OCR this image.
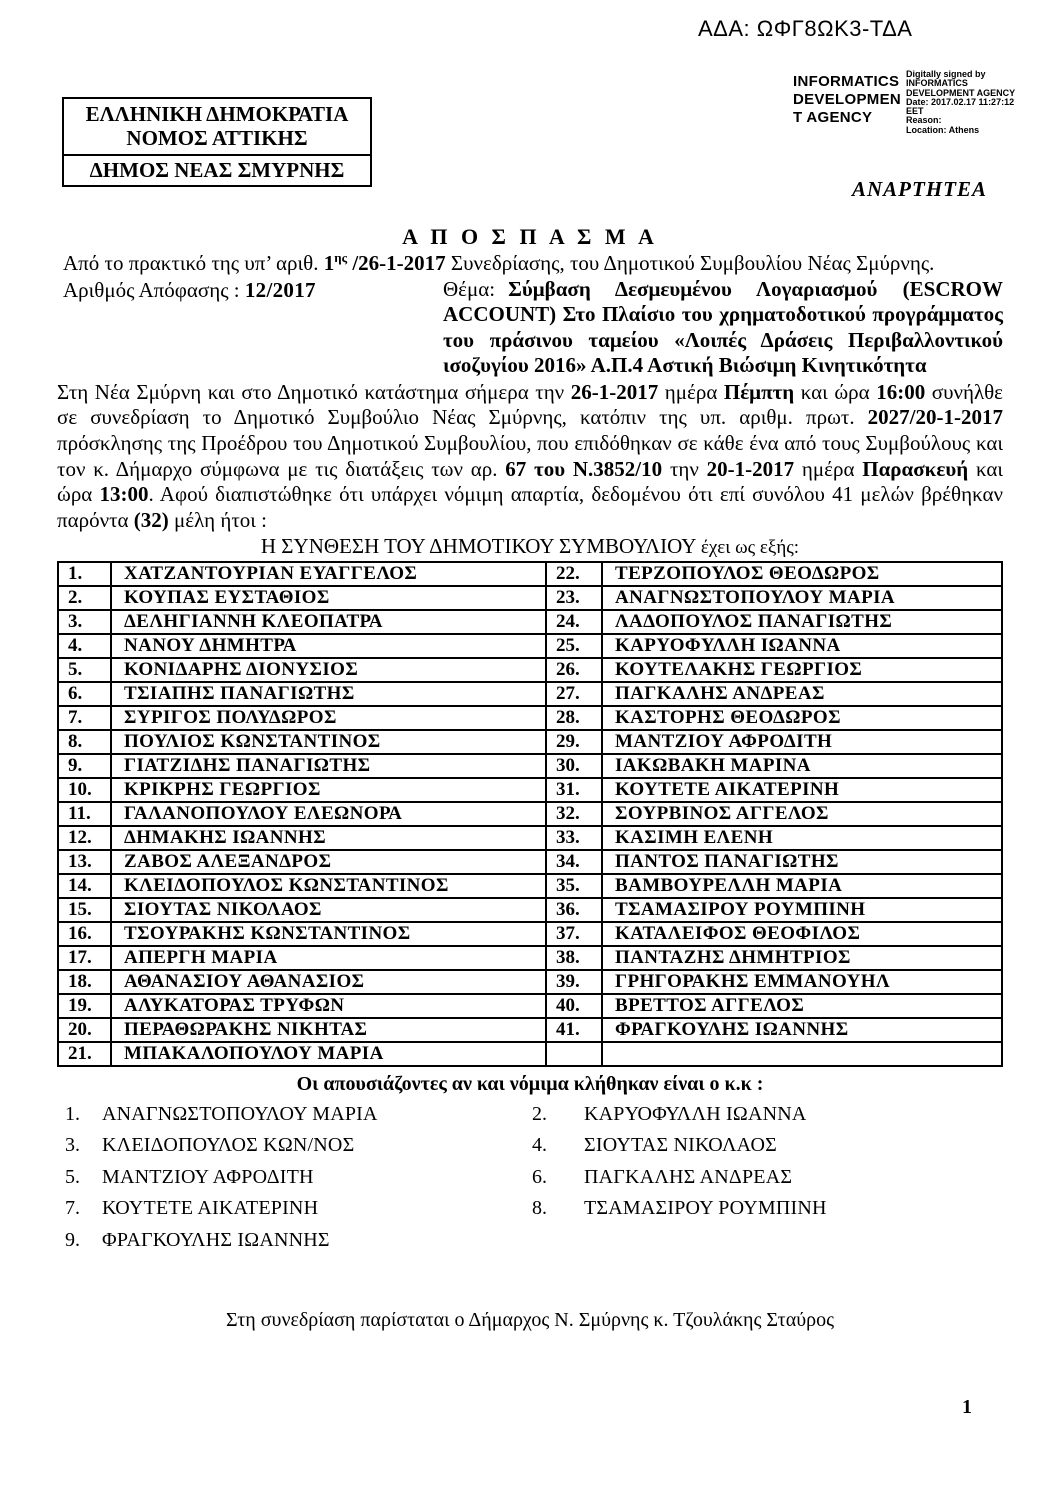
ΑΔΑ: ΩΦΓ8ΩΚ3-ΤΔΑ
ΕΛΛΗΝΙΚΗ ΔΗΜΟΚΡΑΤΙΑ
ΝΟΜΟΣ ΑΤΤΙΚΗΣ
ΔΗΜΟΣ ΝΕΑΣ ΣΜΥΡΝΗΣ
INFORMATICS
DEVELOPMEN
T AGENCY
Digitally signed by
INFORMATICS
DEVELOPMENT AGENCY
Date: 2017.02.17 11:27:12
EET
Reason:
Location: Athens
ΑΝΑΡΤΗΤΕΑ
Α Π Ο Σ Π Α Σ Μ Α

Από το πρακτικό της υπ’ αριθ. $1^{\eta\varsigma}$ /26-1-2017 Συνεδρίασης, του Δημοτικού Συμβουλίου Νέας Σμύρνης.

Αριθμός Απόφασης : 12/2017	Θέμα: Σύμβαση Δεσμευμένου Λογαριασμού (ESCROW ACCOUNT) Στο Πλαίσιο του χρηματοδοτικού προγράμματος του πράσινου ταμείου «Λοιπές Δράσεις Περιβαλλοντικού ισοζυγίου 2016» Α.Π.4 Αστική Βιώσιμη Κινητικότητα

Στη Νέα Σμύρνη και στο Δημοτικό κατάστημα σήμερα την 26-1-2017 ημέρα Πέμπτη και ώρα 16:00 συνήλθε σε συνεδρίαση το Δημοτικό Συμβούλιο Νέας Σμύρνης, κατόπιν της υπ. αριθμ. πρωτ. 2027/20-1-2017 πρόσκλησης της Προέδρου του Δημοτικού Συμβουλίου, που επιδόθηκαν σε κάθε ένα από τους Συμβούλους και τον κ. Δήμαρχο σύμφωνα με τις διατάξεις των αρ. 67 του Ν.3852/10 την 20-1-2017 ημέρα Παρασκευή και ώρα 13:00. Αφού διαπιστώθηκε ότι υπάρχει νόμιμη απαρτία, δεδομένου ότι επί συνόλου 41 μελών βρέθηκαν παρόντα (32) μέλη ήτοι :

Η ΣΥΝΘΕΣΗ ΤΟΥ ΔΗΜΟΤΙΚΟΥ ΣΥΜΒΟΥΛΙΟΥ έχει ως εξής:
1.	ΧΑΤΖΑΝΤΟΥΡΙΑΝ ΕΥΑΓΓΕΛΟΣ	22.	ΤΕΡΖΟΠΟΥΛΟΣ ΘΕΟΔΩΡΟΣ
2.	ΚΟΥΠΑΣ ΕΥΣΤΑΘΙΟΣ	23.	ΑΝΑΓΝΩΣΤΟΠΟΥΛΟΥ ΜΑΡΙΑ
3.	ΔΕΛΗΓΙΑΝΝΗ ΚΛΕΟΠΑΤΡΑ	24.	ΛΑΔΟΠΟΥΛΟΣ ΠΑΝΑΓΙΩΤΗΣ
4.	ΝΑΝΟΥ ΔΗΜΗΤΡΑ	25.	ΚΑΡΥΟΦΥΛΛΗ ΙΩΑΝΝΑ
5.	ΚΟΝΙΔΑΡΗΣ ΔΙΟΝΥΣΙΟΣ	26.	ΚΟΥΤΕΛΑΚΗΣ ΓΕΩΡΓΙΟΣ
6.	ΤΣΙΑΠΗΣ ΠΑΝΑΓΙΩΤΗΣ	27.	ΠΑΓΚΑΛΗΣ ΑΝΔΡΕΑΣ
7.	ΣΥΡΙΓΟΣ ΠΟΛΥΔΩΡΟΣ	28.	ΚΑΣΤΟΡΗΣ ΘΕΟΔΩΡΟΣ
8.	ΠΟΥΛΙΟΣ ΚΩΝΣΤΑΝΤΙΝΟΣ	29.	ΜΑΝΤΖΙΟΥ ΑΦΡΟΔΙΤΗ
9.	ΓΙΑΤΖΙΔΗΣ ΠΑΝΑΓΙΩΤΗΣ	30.	ΙΑΚΩΒΑΚΗ ΜΑΡΙΝΑ
10.	ΚΡΙΚΡΗΣ ΓΕΩΡΓΙΟΣ	31.	ΚΟΥΤΕΤΕ ΑΙΚΑΤΕΡΙΝΗ
11.	ΓΑΛΑΝΟΠΟΥΛΟΥ ΕΛΕΩΝΟΡΑ	32.	ΣΟΥΡΒΙΝΟΣ ΑΓΓΕΛΟΣ
12.	ΔΗΜΑΚΗΣ ΙΩΑΝΝΗΣ	33.	ΚΑΣΙΜΗ ΕΛΕΝΗ
13.	ΖΑΒΟΣ ΑΛΕΞΑΝΔΡΟΣ	34.	ΠΑΝΤΟΣ ΠΑΝΑΓΙΩΤΗΣ
14.	ΚΛΕΙΔΟΠΟΥΛΟΣ ΚΩΝΣΤΑΝΤΙΝΟΣ	35.	ΒΑΜΒΟΥΡΕΛΛΗ ΜΑΡΙΑ
15.	ΣΙΟΥΤΑΣ ΝΙΚΟΛΑΟΣ	36.	ΤΣΑΜΑΣΙΡΟΥ ΡΟΥΜΠΙΝΗ
16.	ΤΣΟΥΡΑΚΗΣ ΚΩΝΣΤΑΝΤΙΝΟΣ	37.	ΚΑΤΑΛΕΙΦΟΣ ΘΕΟΦΙΛΟΣ
17.	ΑΠΕΡΓΗ ΜΑΡΙΑ	38.	ΠΑΝΤΑΖΗΣ ΔΗΜΗΤΡΙΟΣ
18.	ΑΘΑΝΑΣΙΟΥ ΑΘΑΝΑΣΙΟΣ	39.	ΓΡΗΓΟΡΑΚΗΣ ΕΜΜΑΝΟΥΗΛ
19.	ΑΛΥΚΑΤΟΡΑΣ ΤΡΥΦΩΝ	40.	ΒΡΕΤΤΟΣ ΑΓΓΕΛΟΣ
20.	ΠΕΡΑΘΩΡΑΚΗΣ ΝΙΚΗΤΑΣ	41.	ΦΡΑΓΚΟΥΛΗΣ ΙΩΑΝΝΗΣ
21.	ΜΠΑΚΑΛΟΠΟΥΛΟΥ ΜΑΡΙΑ		
Οι απουσιάζοντες αν και νόμιμα κλήθηκαν είναι ο κ.κ :
1.	ΑΝΑΓΝΩΣΤΟΠΟΥΛΟΥ ΜΑΡΙΑ	2.	ΚΑΡΥΟΦΥΛΛΗ ΙΩΑΝΝΑ
3.	ΚΛΕΙΔΟΠΟΥΛΟΣ ΚΩΝ/ΝΟΣ	4.	ΣΙΟΥΤΑΣ ΝΙΚΟΛΑΟΣ
5.	ΜΑΝΤΖΙΟΥ ΑΦΡΟΔΙΤΗ	6.	ΠΑΓΚΑΛΗΣ ΑΝΔΡΕΑΣ
7.	ΚΟΥΤΕΤΕ ΑΙΚΑΤΕΡΙΝΗ	8.	ΤΣΑΜΑΣΙΡΟΥ ΡΟΥΜΠΙΝΗ
9.	ΦΡΑΓΚΟΥΛΗΣ ΙΩΑΝΝΗΣ

Στη συνεδρίαση παρίσταται ο Δήμαρχος Ν. Σμύρνης κ. Τζουλάκης Σταύρος

1
